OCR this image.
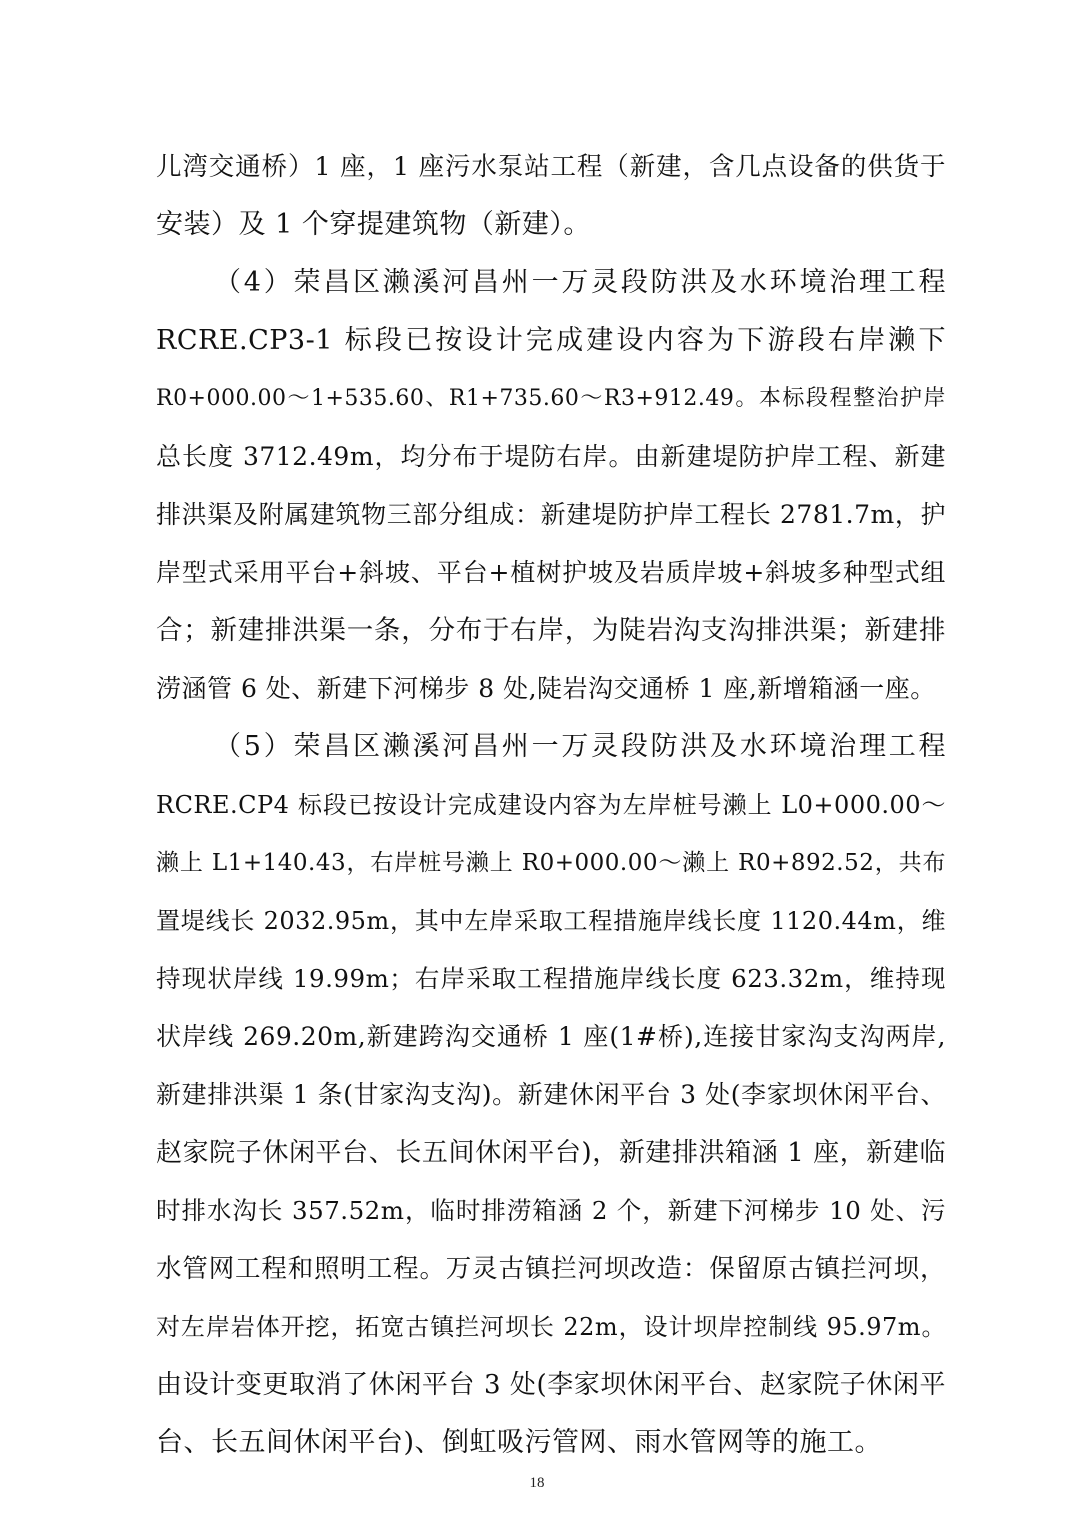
儿湾交通桥）1 座，1 座污水泵站工程（新建，含几点设备的供货于
安装）及 1 个穿提建筑物（新建）。
（4）荣昌区濑溪河昌州一万灵段防洪及水环境治理工程
RCRE.CP3-1 标段已按设计完成建设内容为下游段右岸濑下
R0+000.00～1+535.60、R1+735.60～R3+912.49。本标段程整治护岸
总长度 3712.49m，均分布于堤防右岸。由新建堤防护岸工程、新建
排洪渠及附属建筑物三部分组成：新建堤防护岸工程长 2781.7m，护
岸型式采用平台+斜坡、平台+植树护坡及岩质岸坡+斜坡多种型式组
合；新建排洪渠一条，分布于右岸，为陡岩沟支沟排洪渠；新建排
涝涵管 6 处、新建下河梯步 8 处,陡岩沟交通桥 1 座,新增箱涵一座。
（5）荣昌区濑溪河昌州一万灵段防洪及水环境治理工程
RCRE.CP4 标段已按设计完成建设内容为左岸桩号濑上 L0+000.00～
濑上 L1+140.43，右岸桩号濑上 R0+000.00～濑上 R0+892.52，共布
置堤线长 2032.95m，其中左岸采取工程措施岸线长度 1120.44m，维
持现状岸线 19.99m；右岸采取工程措施岸线长度 623.32m，维持现
状岸线 269.20m,新建跨沟交通桥 1 座(1#桥),连接甘家沟支沟两岸,
新建排洪渠 1 条(甘家沟支沟)。新建休闲平台 3 处(李家坝休闲平台、
赵家院子休闲平台、长五间休闲平台)，新建排洪箱涵 1 座，新建临
时排水沟长 357.52m，临时排涝箱涵 2 个，新建下河梯步 10 处、污
水管网工程和照明工程。万灵古镇拦河坝改造：保留原古镇拦河坝，
对左岸岩体开挖，拓宽古镇拦河坝长 22m，设计坝岸控制线 95.97m。
由设计变更取消了休闲平台 3 处(李家坝休闲平台、赵家院子休闲平
台、长五间休闲平台)、倒虹吸污管网、雨水管网等的施工。
18
